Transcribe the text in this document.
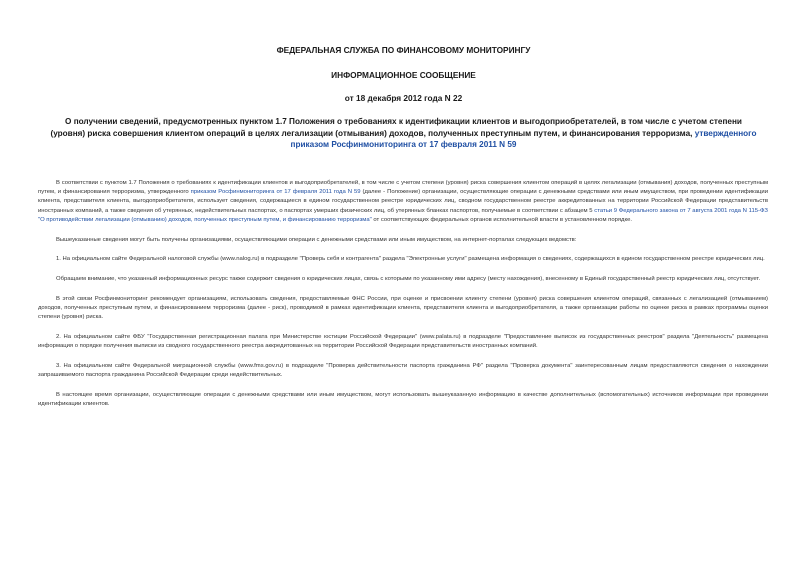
ФЕДЕРАЛЬНАЯ СЛУЖБА ПО ФИНАНСОВОМУ МОНИТОРИНГУ
ИНФОРМАЦИОННОЕ СООБЩЕНИЕ
от 18 декабря 2012 года N 22
О получении сведений, предусмотренных пунктом 1.7 Положения о требованиях к идентификации клиентов и выгодоприобретателей, в том числе с учетом степени (уровня) риска совершения клиентом операций в целях легализации (отмывания) доходов, полученных преступным путем, и финансирования терроризма, утвержденного приказом Росфинмониторинга от 17 февраля 2011 N 59

В соответствии с пунктом 1.7 Положения о требованиях к идентификации клиентов и выгодоприобретателей, в том числе с учетом степени (уровня) риска совершения клиентом операций в целях легализации (отмывания) доходов, полученных преступным путем, и финансирования терроризма, утвержденного приказом Росфинмониторинга от 17 февраля 2011 года N 59 (далее - Положение) организации, осуществляющие операции с денежными средствами или иным имуществом, при проведении идентификации клиента, представителя клиента, выгодоприобретателя, использует сведения, содержащиеся в едином государственном реестре юридических лиц, сводном государственном реестре аккредитованных на территории Российской Федерации представительств иностранных компаний, а также сведения об утерянных, недействительных паспортах, о паспортах умерших физических лиц, об утерянных бланках паспортов, получаемые в соответствии с абзацем 5 статьи 9 Федерального закона от 7 августа 2001 года N 115-ФЗ "О противодействии легализации (отмыванию) доходов, полученных преступным путем, и финансированию терроризма" от соответствующих федеральных органов исполнительной власти в установленном порядке.

Вышеуказанные сведения могут быть получены организациями, осуществляющими операции с денежными средствами или иным имуществом, на интернет-порталах следующих ведомств:

1. На официальном сайте Федеральной налоговой службы (www.nalog.ru) в подразделе "Проверь себя и контрагента" раздела "Электронные услуги" размещена информация о сведениях, содержащихся в едином государственном реестре юридических лиц.

Обращаем внимание, что указанный информационных ресурс также содержит сведения о юридических лицах, связь с которыми по указанному ими адресу (месту нахождения), внесенному в Единый государственный реестр юридических лиц, отсутствует.

В этой связи Росфинмониторинг рекомендует организациям, использовать сведения, предоставляемые ФНС России, при оценке и присвоении клиенту степени (уровня) риска совершения клиентом операций, связанных с легализацией (отмыванием) доходов, полученных преступным путем, и финансированием терроризма (далее - риск), проводимой в рамках идентификации клиента, представителя клиента и выгодоприобретателя, а также организации работы по оценке риска в рамках программы оценки степени (уровня) риска.

2. На официальном сайте ФБУ "Государственная регистрационная палата при Министерстве юстиции Российской Федерации" (www.palata.ru) в подразделе "Предоставление выписок из государственных реестров" раздела "Деятельность" размещена информация о порядке получения выписки из сводного государственного реестра аккредитованных на территории Российской Федерации представительств иностранных компаний.

3. На официальном сайте Федеральной миграционной службы (www.fms.gov.ru) в подразделе "Проверка действительности паспорта гражданина РФ" раздела "Проверка документа" заинтересованным лицам предоставляются сведения о нахождении запрашиваемого паспорта гражданина Российской Федерации среди недействительных.

В настоящее время организации, осуществляющие операции с денежными средствами или иным имуществом, могут использовать вышеуказанную информацию в качестве дополнительных (вспомогательных) источников информации при проведении идентификации клиентов.
